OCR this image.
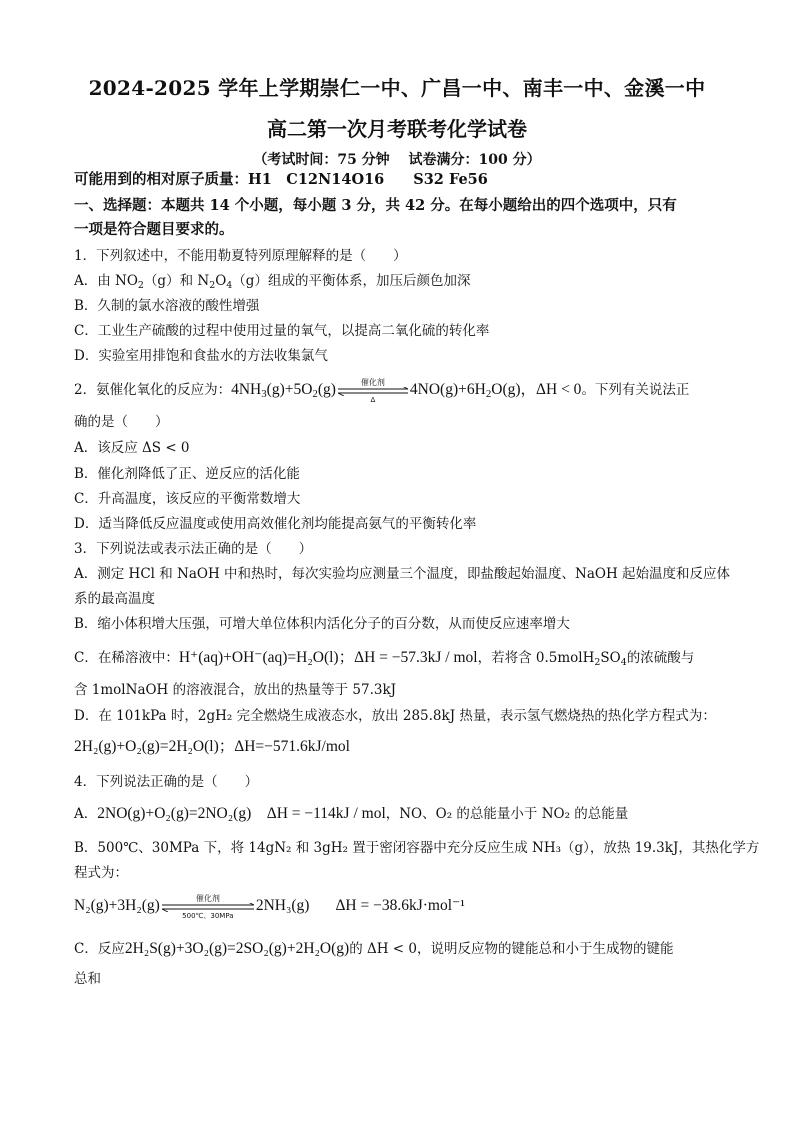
2024-2025 学年上学期崇仁一中、广昌一中、南丰一中、金溪一中
高二第一次月考联考化学试卷
（考试时间：75 分钟　 试卷满分：100 分）
可能用到的相对原子质量：H1　C12N14O16　　S32 Fe56
一、选择题：本题共 14 个小题，每小题 3 分，共 42 分。在每小题给出的四个选项中，只有
一项是符合题目要求的。
1．下列叙述中，不能用勒夏特列原理解释的是（　　）
A．由 $NO_2(g)$和 $N_2O_4(g)$组成的平衡体系，加压后颜色加深
B．久制的氯水溶液的酸性增强
C．工业生产硫酸的过程中使用过量的氧气，以提高二氧化硫的转化率
D．实验室用排饱和食盐水的方法收集氯气
2．氨催化氧化的反应为：$4NH_3(g)+5O_2(g)$	催化剂
Δ
$4NO(g)+6H_2O(g)$，ΔH < 0。下列有关说法正
确的是（　　）
A．该反应 ΔS < 0
B．催化剂降低了正、逆反应的活化能
C．升高温度，该反应的平衡常数增大
D．适当降低反应温度或使用高效催化剂均能提高氨气的平衡转化率
3．下列说法或表示法正确的是（　　）
A．测定 HCl 和 NaOH 中和热时，每次实验均应测量三个温度，即盐酸起始温度、NaOH 起始温度和反应体
系的最高温度
B．缩小体积增大压强，可增大单位体积内活化分子的百分数，从而使反应速率增大
C．在稀溶液中：H⁺(aq)+OH⁻(aq)=H₂O(l)；ΔH = −57.3kJ / mol，若将含 $0.5molH_2SO_4$的浓硫酸与
含 1molNaOH 的溶液混合，放出的热量等于 57.3kJ
D．在 101kPa 时，2gH₂ 完全燃烧生成液态水，放出 285.8kJ 热量，表示氢气燃烧热的热化学方程式为：
2H₂(g)+O₂(g)=2H₂O(l)；ΔH=−571.6kJ/mol
4．下列说法正确的是（　　）
A．2NO(g)+O₂(g)=2NO₂(g)　ΔH = −114kJ / mol，NO、O₂ 的总能量小于 NO₂ 的总能量
B．500℃、30MPa 下，将 14gN₂ 和 3gH₂ 置于密闭容器中充分反应生成 NH₃（g），放热 19.3kJ，其热化学方
程式为：
N₂(g)+3H₂(g)	催化剂
500℃、30MPa
2NH₃(g) ΔH = −38.6kJ·mol⁻¹
C．反应2H₂S(g)+3O₂(g)=2SO₂(g)+2H₂O(g)的 ΔH < 0，说明反应物的键能总和小于生成物的键能
总和
